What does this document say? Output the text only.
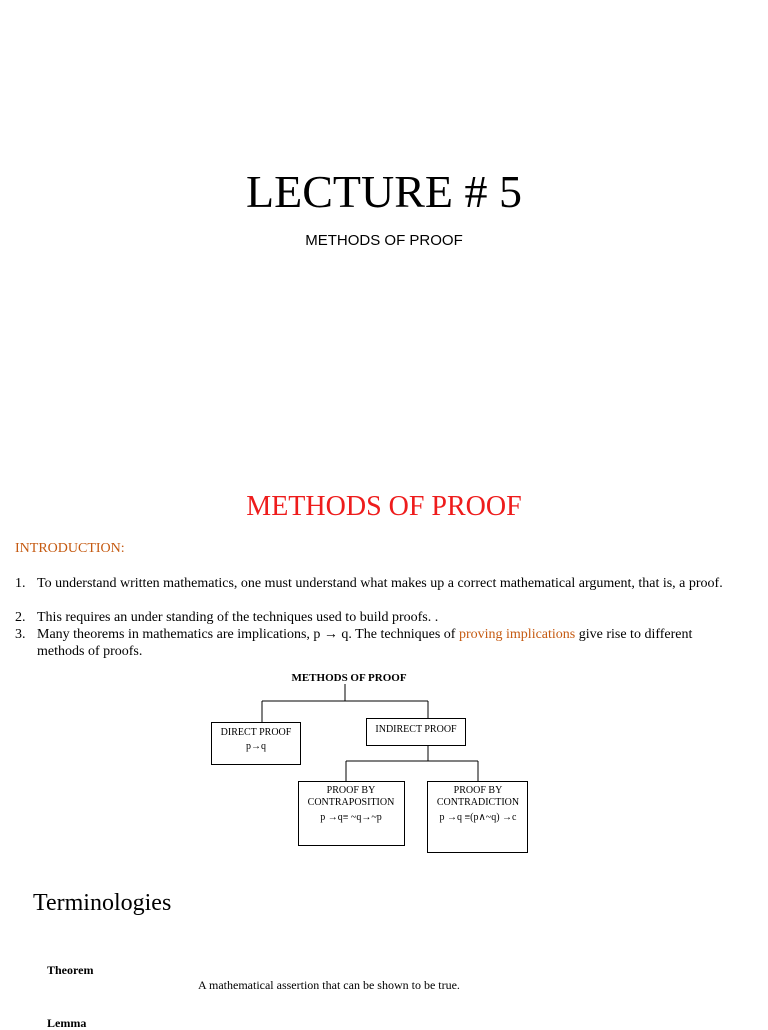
LECTURE # 5
METHODS OF PROOF
METHODS OF PROOF
INTRODUCTION:
1. To understand written mathematics, one must understand what makes up a correct mathematical argument, that is, a proof.
2. This requires an under standing of the techniques used to build proofs. .
3. Many theorems in mathematics are implications, p → q. The techniques of proving implications give rise to different methods of proofs.
METHODS OF PROOF
DIRECT PROOF
p→q
INDIRECT PROOF
PROOF BY
CONTRAPOSITION
p →q≡ ~q→~p
PROOF BY
CONTRADICTION
p →q ≡(p∧~q) →c
Terminologies
Theorem
A mathematical assertion that can be shown to be true.
Lemma
